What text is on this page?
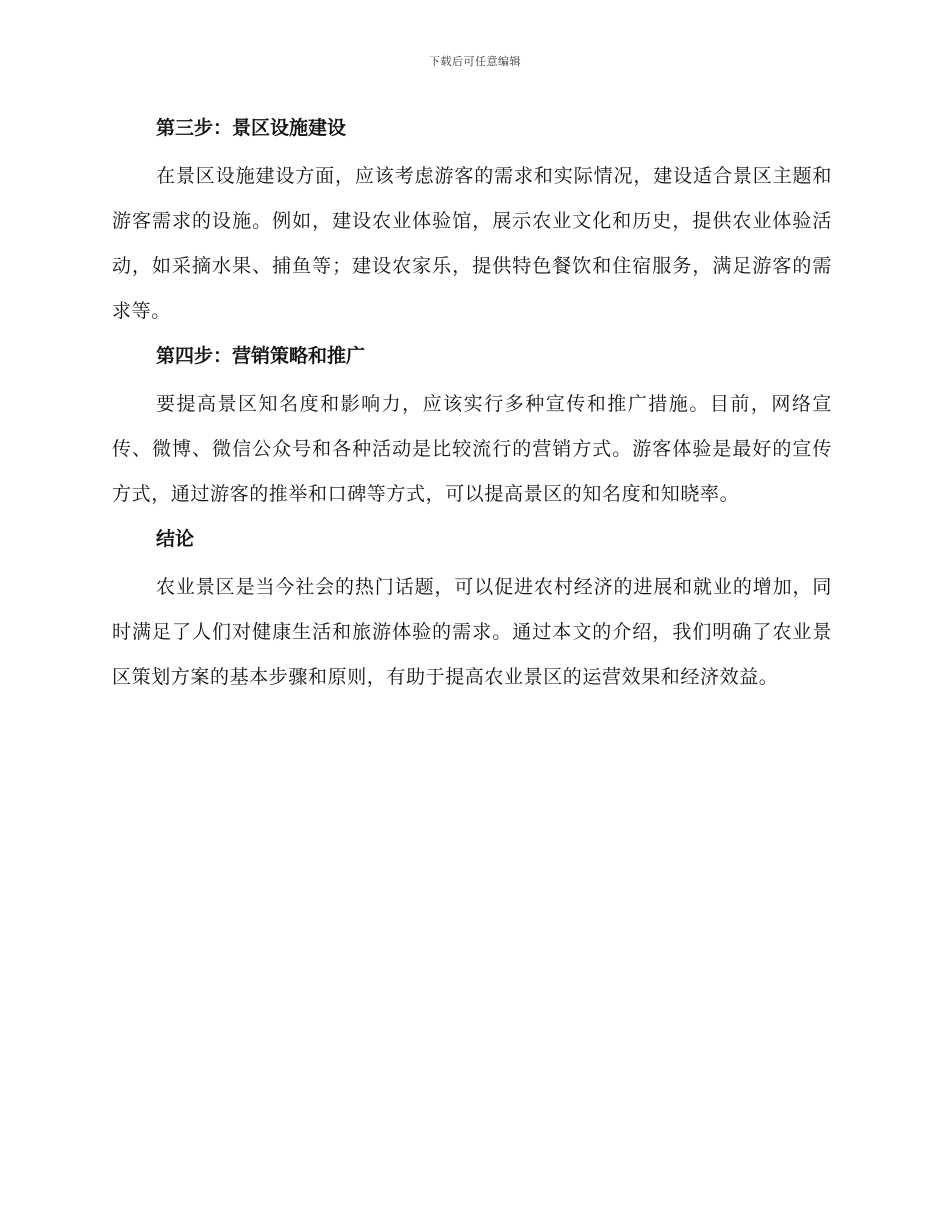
下载后可任意编辑
第三步：景区设施建设

在景区设施建设方面，应该考虑游客的需求和实际情况，建设适合景区主题和游客需求的设施。例如，建设农业体验馆，展示农业文化和历史，提供农业体验活动，如采摘水果、捕鱼等；建设农家乐，提供特色餐饮和住宿服务，满足游客的需求等。

第四步：营销策略和推广

要提高景区知名度和影响力，应该实行多种宣传和推广措施。目前，网络宣传、微博、微信公众号和各种活动是比较流行的营销方式。游客体验是最好的宣传方式，通过游客的推举和口碑等方式，可以提高景区的知名度和知晓率。

结论

农业景区是当今社会的热门话题，可以促进农村经济的进展和就业的增加，同时满足了人们对健康生活和旅游体验的需求。通过本文的介绍，我们明确了农业景区策划方案的基本步骤和原则，有助于提高农业景区的运营效果和经济效益。
